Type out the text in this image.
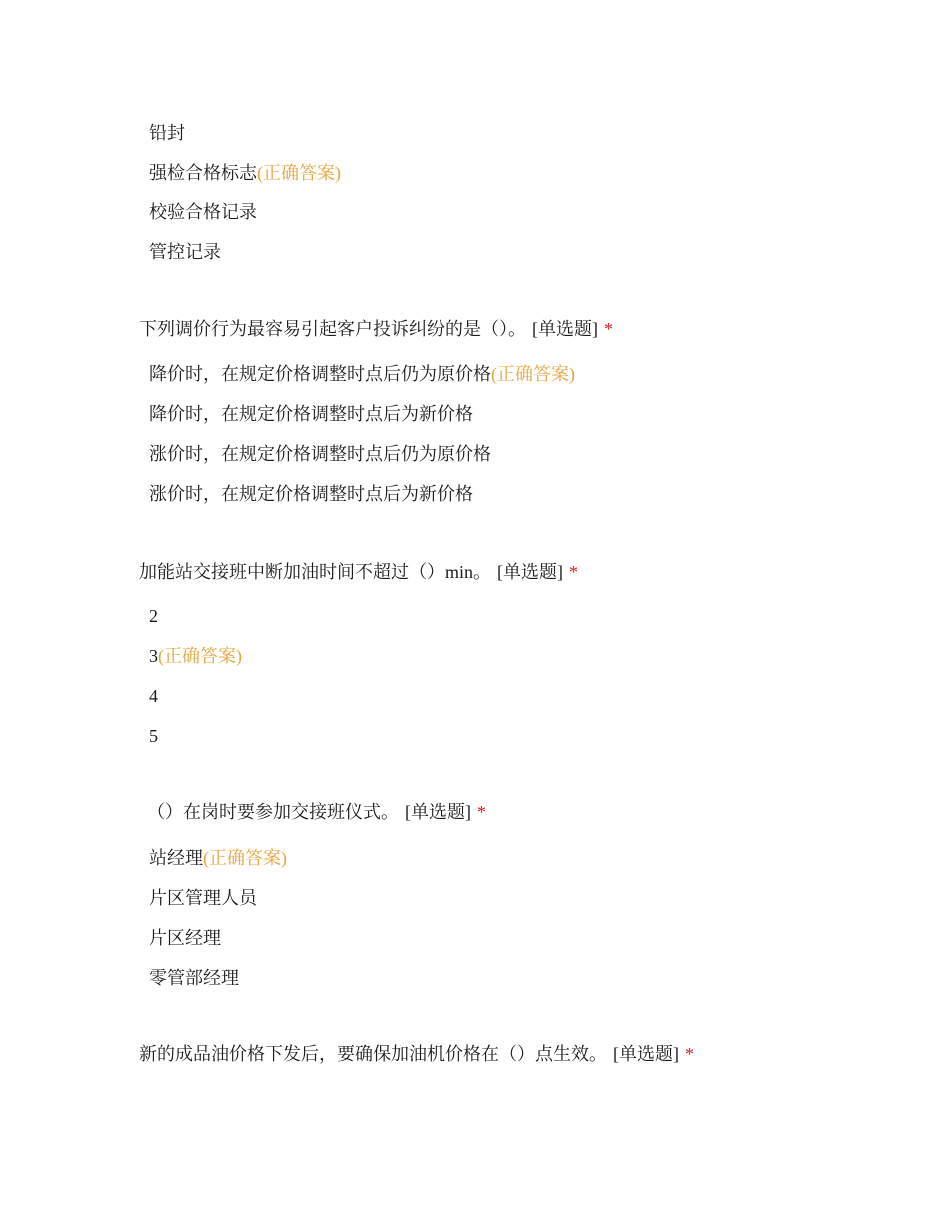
铅封
强检合格标志(正确答案)
校验合格记录
管控记录
下列调价行为最容易引起客户投诉纠纷的是（）。 [单选题] *
降价时，在规定价格调整时点后仍为原价格(正确答案)
降价时，在规定价格调整时点后为新价格
涨价时，在规定价格调整时点后仍为原价格
涨价时，在规定价格调整时点后为新价格
加能站交接班中断加油时间不超过（）min。 [单选题] *
2
3(正确答案)
4
5
（）在岗时要参加交接班仪式。 [单选题] *
站经理(正确答案)
片区管理人员
片区经理
零管部经理
新的成品油价格下发后，要确保加油机价格在（）点生效。 [单选题] *
